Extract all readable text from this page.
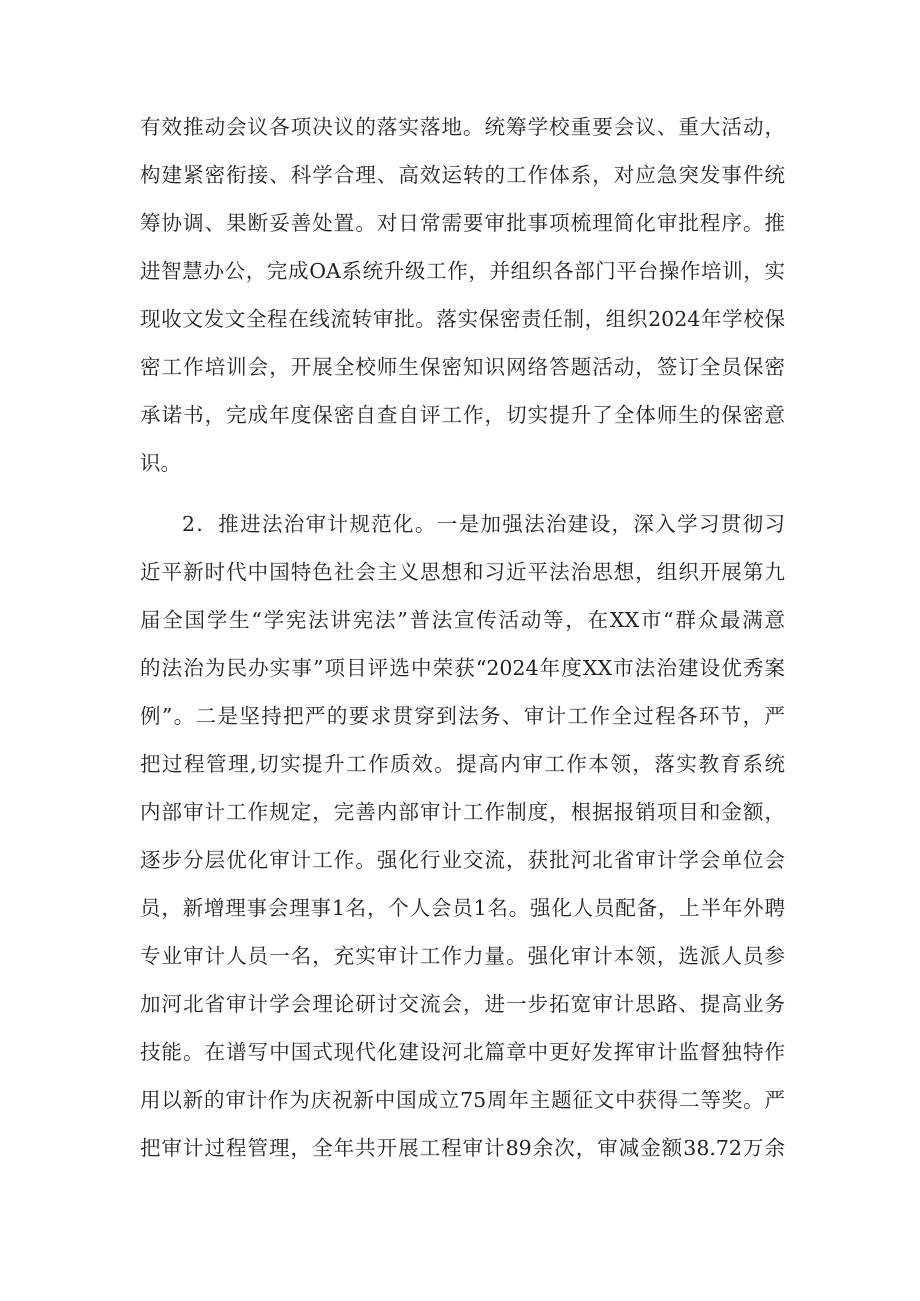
有效推动会议各项决议的落实落地。统筹学校重要会议、重大活动，
构建紧密衔接、科学合理、高效运转的工作体系，对应急突发事件统
筹协调、果断妥善处置。对日常需要审批事项梳理简化审批程序。推
进智慧办公，完成OA系统升级工作，并组织各部门平台操作培训，实
现收文发文全程在线流转审批。落实保密责任制，组织2024年学校保
密工作培训会，开展全校师生保密知识网络答题活动，签订全员保密
承诺书，完成年度保密自查自评工作，切实提升了全体师生的保密意
识。
2．推进法治审计规范化。一是加强法治建设，深入学习贯彻习
近平新时代中国特色社会主义思想和习近平法治思想，组织开展第九
届全国学生“学宪法讲宪法”普法宣传活动等，在XX市“群众最满意
的法治为民办实事”项目评选中荣获“2024年度XX市法治建设优秀案
例”。二是坚持把严的要求贯穿到法务、审计工作全过程各环节，严
把过程管理,切实提升工作质效。提高内审工作本领，落实教育系统
内部审计工作规定，完善内部审计工作制度，根据报销项目和金额，
逐步分层优化审计工作。强化行业交流，获批河北省审计学会单位会
员，新增理事会理事1名，个人会员1名。强化人员配备，上半年外聘
专业审计人员一名，充实审计工作力量。强化审计本领，选派人员参
加河北省审计学会理论研讨交流会，进一步拓宽审计思路、提高业务
技能。在谱写中国式现代化建设河北篇章中更好发挥审计监督独特作
用以新的审计作为庆祝新中国成立75周年主题征文中获得二等奖。严
把审计过程管理，全年共开展工程审计89余次，审减金额38.72万余
